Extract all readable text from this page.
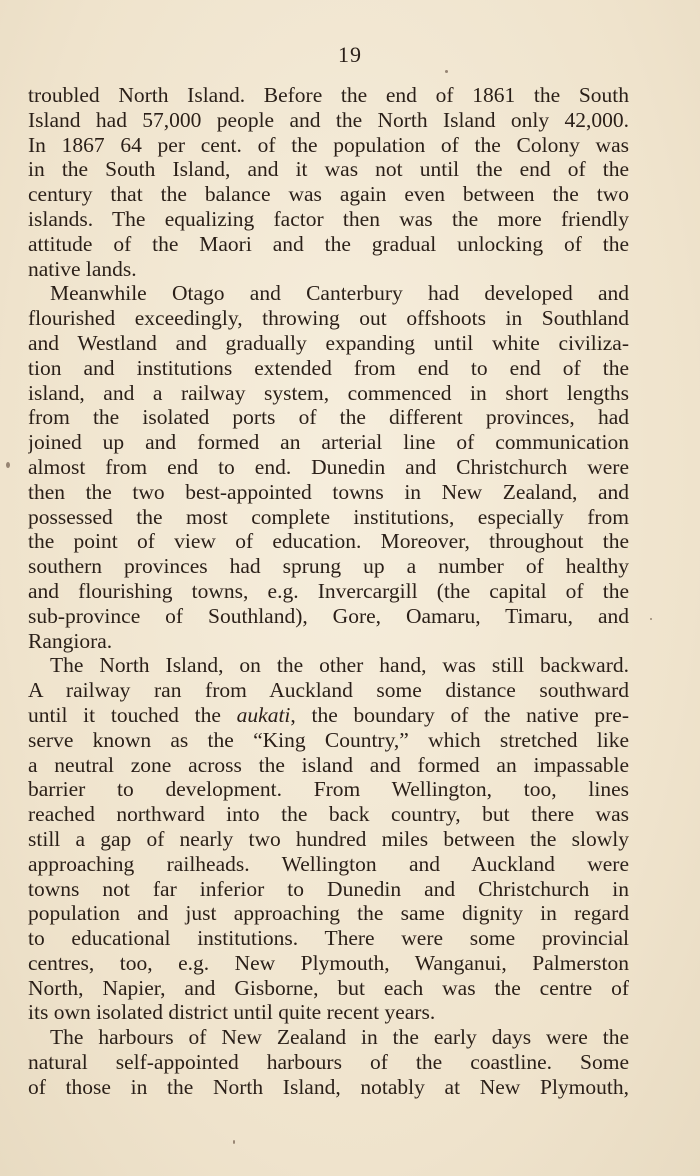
19
troubled North Island. Before the end of 1861 the South
Island had 57,000 people and the North Island only 42,000.
In 1867 64 per cent. of the population of the Colony was
in the South Island, and it was not until the end of the
century that the balance was again even between the two
islands. The equalizing factor then was the more friendly
attitude of the Maori and the gradual unlocking of the
native lands.
Meanwhile Otago and Canterbury had developed and
flourished exceedingly, throwing out offshoots in Southland
and Westland and gradually expanding until white civiliza-
tion and institutions extended from end to end of the
island, and a railway system, commenced in short lengths
from the isolated ports of the different provinces, had
joined up and formed an arterial line of communication
almost from end to end. Dunedin and Christchurch were
then the two best-appointed towns in New Zealand, and
possessed the most complete institutions, especially from
the point of view of education. Moreover, throughout the
southern provinces had sprung up a number of healthy
and flourishing towns, e.g. Invercargill (the capital of the
sub-province of Southland), Gore, Oamaru, Timaru, and
Rangiora.
The North Island, on the other hand, was still backward.
A railway ran from Auckland some distance southward
until it touched the aukati, the boundary of the native pre-
serve known as the “King Country,” which stretched like
a neutral zone across the island and formed an impassable
barrier to development. From Wellington, too, lines
reached northward into the back country, but there was
still a gap of nearly two hundred miles between the slowly
approaching railheads. Wellington and Auckland were
towns not far inferior to Dunedin and Christchurch in
population and just approaching the same dignity in regard
to educational institutions. There were some provincial
centres, too, e.g. New Plymouth, Wanganui, Palmerston
North, Napier, and Gisborne, but each was the centre of
its own isolated district until quite recent years.
The harbours of New Zealand in the early days were the
natural self-appointed harbours of the coastline. Some
of those in the North Island, notably at New Plymouth,
